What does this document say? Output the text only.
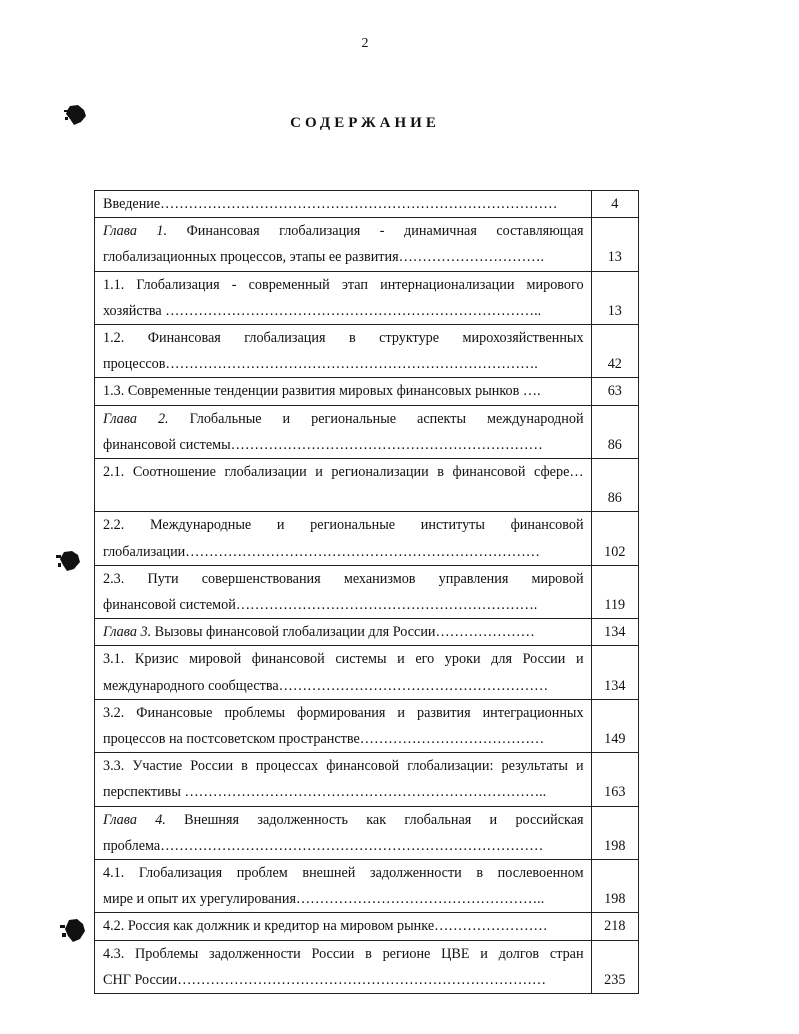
2
СОДЕРЖАНИЕ
Введение…………………………………………………………………………	4

Глава 1. Финансовая глобализация - динамичная составляющая
глобализационных процессов, этапы ее развития………………………….	13

1.1. Глобализация - современный этап интернационализации мирового
хозяйства ……………………………………………………………………..	13

1.2. Финансовая глобализация в структуре мирохозяйственных
процессов…………………………………………………………………….	42

1.3. Современные тенденции развития мировых финансовых рынков ….	63

Глава 2. Глобальные и региональные аспекты международной
финансовой системы…………………………………………………………	86

2.1. Соотношение глобализации и регионализации в финансовой сфере…	86

2.2. Международные и региональные институты финансовой
глобализации…………………………………………………………………	102

2.3. Пути совершенствования механизмов управления мировой
финансовой системой……………………………………………………….	119

Глава 3. Вызовы финансовой глобализации для России…………………	134

3.1. Кризис мировой финансовой системы и его уроки для России и
международного сообщества…………………………………………………	134

3.2. Финансовые проблемы формирования и развития интеграционных
процессов на постсоветском пространстве…………………………………	149

3.3. Участие России в процессах финансовой глобализации: результаты и
перспективы …………………………………………………………………..	163

Глава 4. Внешняя задолженность как глобальная и российская
проблема………………………………………………………………………	198

4.1. Глобализация проблем внешней задолженности в послевоенном
мире и опыт их урегулирования……………………………………………..	198

4.2. Россия как должник и кредитор на мировом рынке……………………	218

4.3. Проблемы задолженности России в регионе ЦВЕ и долгов стран
СНГ России……………………………………………………………………	235
